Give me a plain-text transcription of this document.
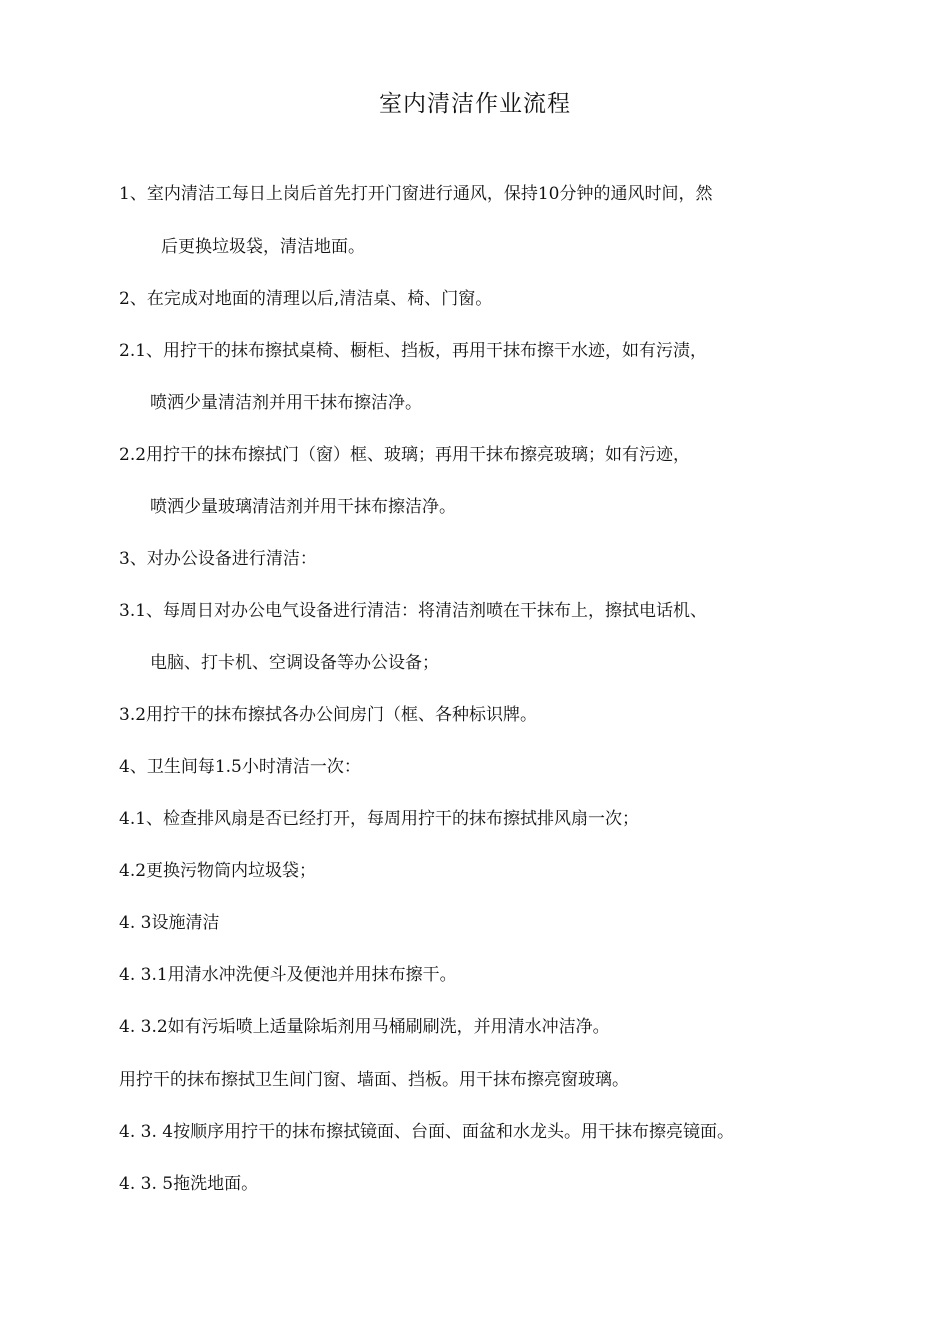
室内清洁作业流程
1、室内清洁工每日上岗后首先打开门窗进行通风，保持10分钟的通风时间，然
后更换垃圾袋，清洁地面。
2、在完成对地面的清理以后,清洁桌、椅、门窗。
2.1、用拧干的抹布擦拭桌椅、橱柜、挡板，再用干抹布擦干水迹，如有污渍，
喷洒少量清洁剂并用干抹布擦洁净。
2.2用拧干的抹布擦拭门（窗）框、玻璃；再用干抹布擦亮玻璃；如有污迹，
喷洒少量玻璃清洁剂并用干抹布擦洁净。
3、对办公设备进行清洁：
3.1、每周日对办公电气设备进行清洁：将清洁剂喷在干抹布上，擦拭电话机、
电脑、打卡机、空调设备等办公设备；
3.2用拧干的抹布擦拭各办公间房门（框、各种标识牌。
4、卫生间每1.5小时清洁一次：
4.1、检查排风扇是否已经打开，每周用拧干的抹布擦拭排风扇一次；
4.2更换污物筒内垃圾袋；
4. 3设施清洁
4. 3.1用清水冲洗便斗及便池并用抹布擦干。
4. 3.2如有污垢喷上适量除垢剂用马桶刷刷洗，并用清水冲洁净。
用拧干的抹布擦拭卫生间门窗、墙面、挡板。用干抹布擦亮窗玻璃。
4. 3. 4按顺序用拧干的抹布擦拭镜面、台面、面盆和水龙头。用干抹布擦亮镜面。
4. 3. 5拖洗地面。
